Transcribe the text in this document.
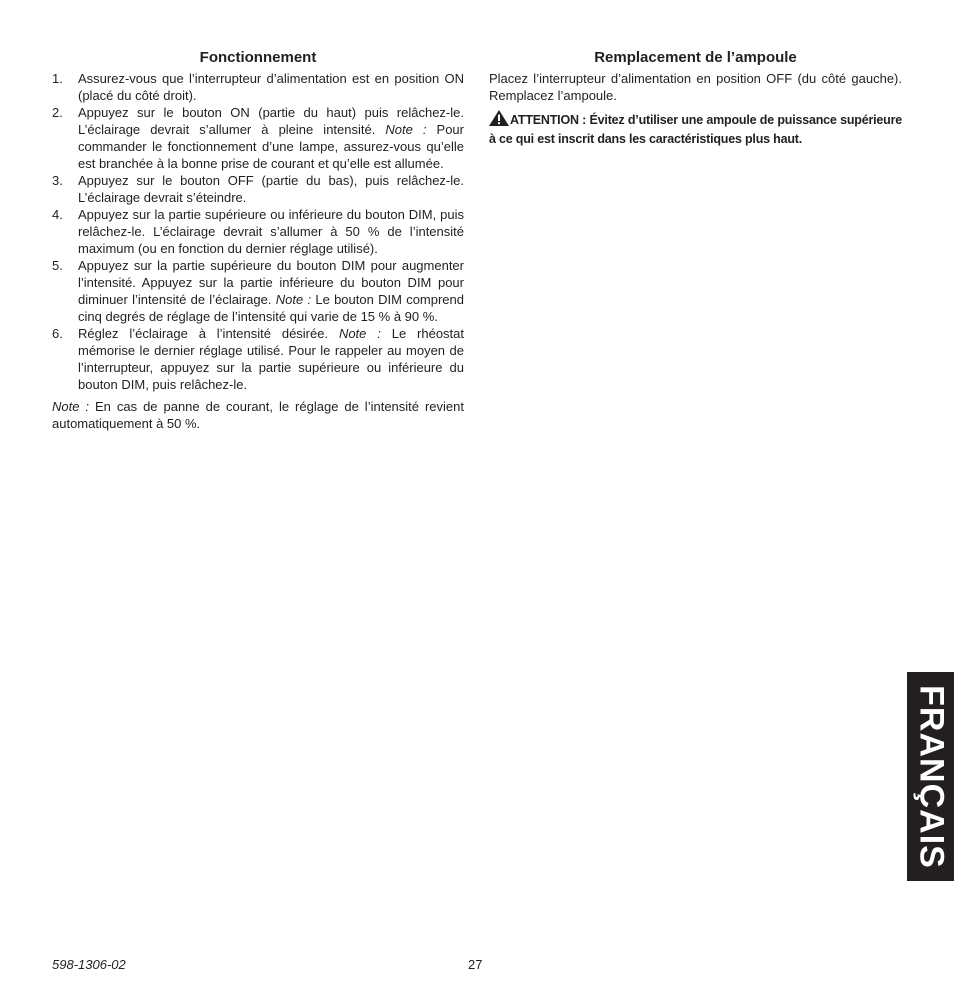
Fonctionnement
1. Assurez-vous que l’interrupteur d’alimentation est en position ON (placé du côté droit).
2. Appuyez sur le bouton ON (partie du haut) puis relâchez-le. L’éclairage devrait s’allumer à pleine intensité. Note : Pour commander le fonctionnement d’une lampe, assurez-vous qu’elle est branchée à la bonne prise de courant et qu’elle est allumée.
3. Appuyez sur le bouton OFF (partie du bas), puis relâchez-le. L’éclairage devrait s’éteindre.
4. Appuyez sur la partie supérieure ou inférieure du bouton DIM, puis relâchez-le. L’éclairage devrait s’allumer à 50 % de l’intensité maximum (ou en fonction du dernier réglage utilisé).
5. Appuyez sur la partie supérieure du bouton DIM pour augmenter l’intensité. Appuyez sur la partie inférieure du bouton DIM pour diminuer l’intensité de l’éclairage. Note : Le bouton DIM comprend cinq degrés de réglage de l’intensité qui varie de 15 % à 90 %.
6. Réglez l’éclairage à l’intensité désirée. Note : Le rhéostat mémorise le dernier réglage utilisé. Pour le rappeler au moyen de l’interrupteur, appuyez sur la partie supérieure ou inférieure du bouton DIM, puis relâchez-le.

Note : En cas de panne de courant, le réglage de l’intensité revient automatiquement à 50 %.

Remplacement de l’ampoule

Placez l’interrupteur d’alimentation en position OFF (du côté gauche). Remplacez l’ampoule.

ATTENTION : Évitez d’utiliser une ampoule de puissance supérieure à ce qui est inscrit dans les caractéristiques plus haut.

FRANÇAIS
598-1306-02	27
